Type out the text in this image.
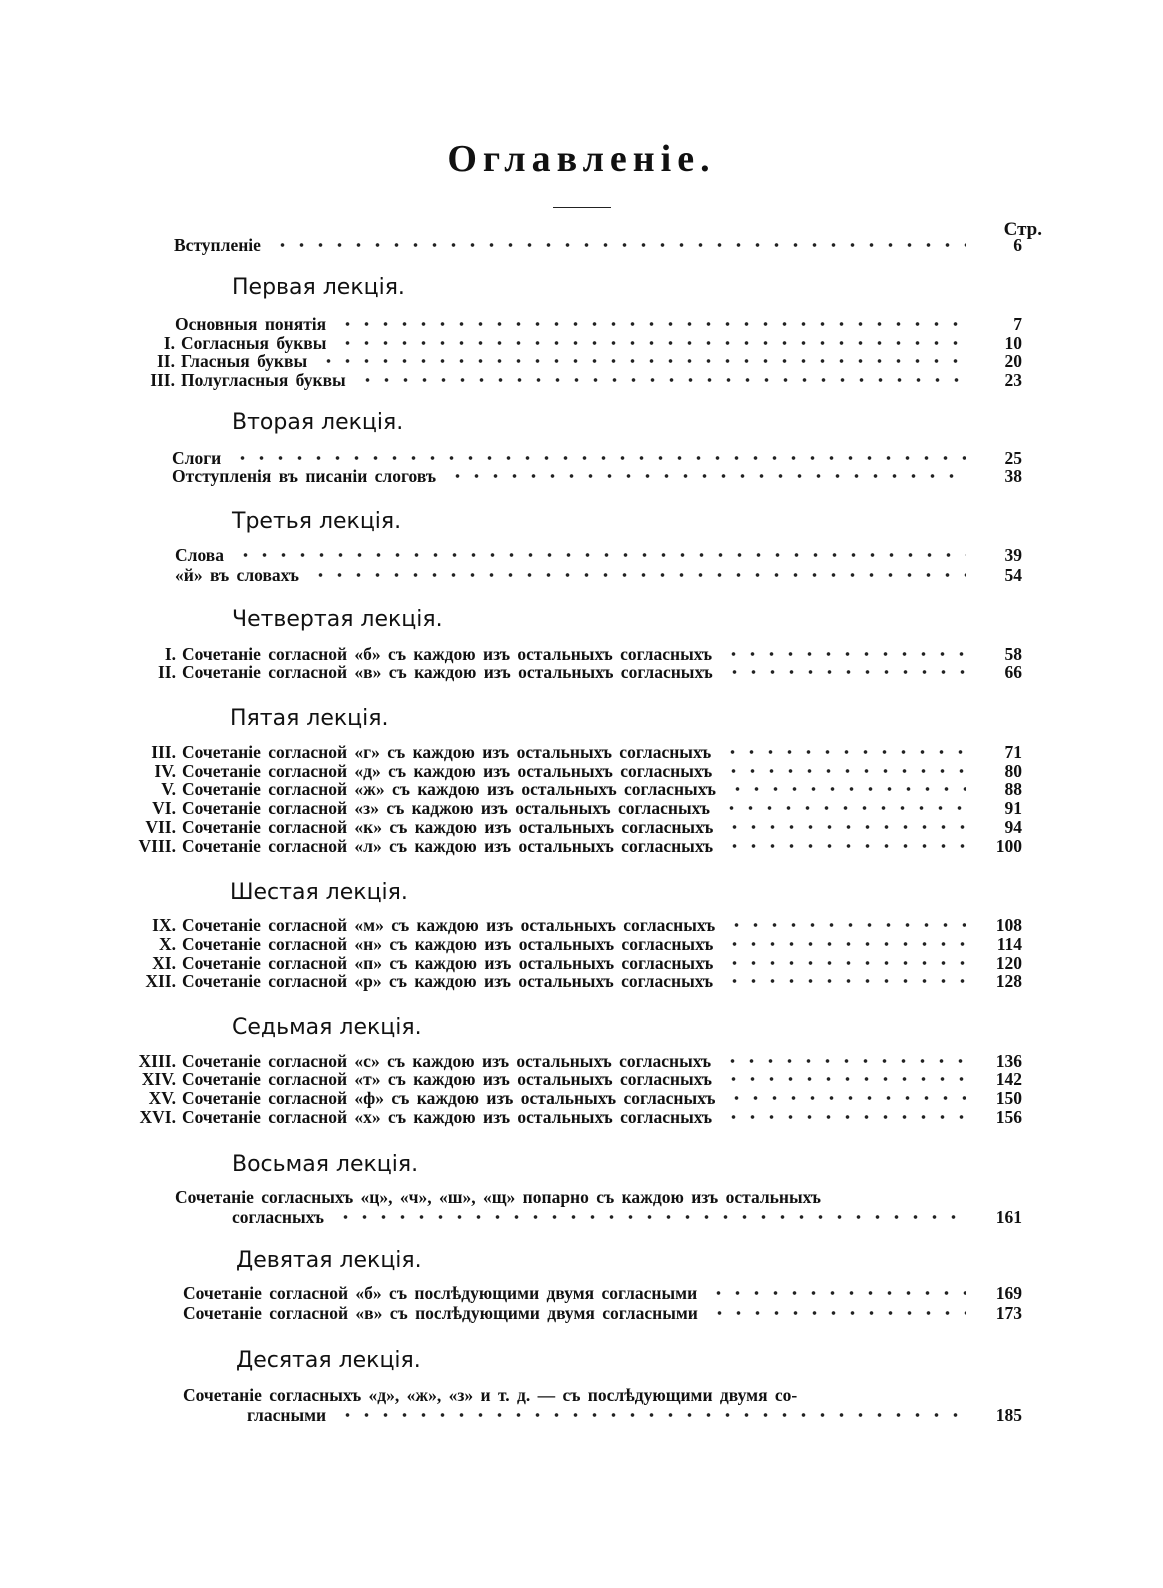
Оглавленiе.
Стр.
Вступленiе	6
Первая лекцiя.
Основныя понятiя	7
I. Согласныя буквы	10
II. Гласныя буквы	20
III. Полугласныя буквы	23
Вторая лекцiя.
Слоги	25
Отступленiя въ писанiи слоговъ	38
Третья лекцiя.
Слова	39
«й» въ словахъ	54
Четвертая лекцiя.
I. Сочетанiе согласной «б» съ каждою изъ остальныхъ согласныхъ	58
II. Сочетанiе согласной «в» съ каждою изъ остальныхъ согласныхъ	66
Пятая лекцiя.
III. Сочетанiе согласной «г» съ каждою изъ остальныхъ согласныхъ	71
IV. Сочетанiе согласной «д» съ каждою изъ остальныхъ согласныхъ	80
V. Сочетанiе согласной «ж» съ каждою изъ остальныхъ согласныхъ	88
VI. Сочетанiе согласной «з» съ каджою изъ остальныхъ согласныхъ	91
VII. Сочетанiе согласной «к» съ каждою изъ остальныхъ согласныхъ	94
VIII. Сочетанiе согласной «л» съ каждою изъ остальныхъ согласныхъ	100
Шестая лекцiя.
IX. Сочетанiе согласной «м» съ каждою изъ остальныхъ согласныхъ	108
X. Сочетанiе согласной «н» съ каждою изъ остальныхъ согласныхъ	114
XI. Сочетанiе согласной «п» съ каждою изъ остальныхъ согласныхъ	120
XII. Сочетанiе согласной «р» съ каждою изъ остальныхъ согласныхъ	128
Седьмая лекцiя.
XIII. Сочетанiе согласной «с» съ каждою изъ остальныхъ согласныхъ	136
XIV. Сочетанiе согласной «т» съ каждою изъ остальныхъ согласныхъ	142
XV. Сочетанiе согласной «ф» съ каждою изъ остальныхъ согласныхъ	150
XVI. Сочетанiе согласной «х» съ каждою изъ остальныхъ согласныхъ	156
Восьмая лекцiя.
Сочетанiе согласныхъ «ц», «ч», «ш», «щ» попарно съ каждою изъ остальныхъ
согласныхъ	161
Девятая лекцiя.
Сочетанiе согласной «б» съ послѣдующими двумя согласными	169
Сочетанiе согласной «в» съ послѣдующими двумя согласными	173
Десятая лекцiя.
Сочетанiе согласныхъ «д», «ж», «з» и т. д. — съ послѣдующими двумя со-
гласными	185
